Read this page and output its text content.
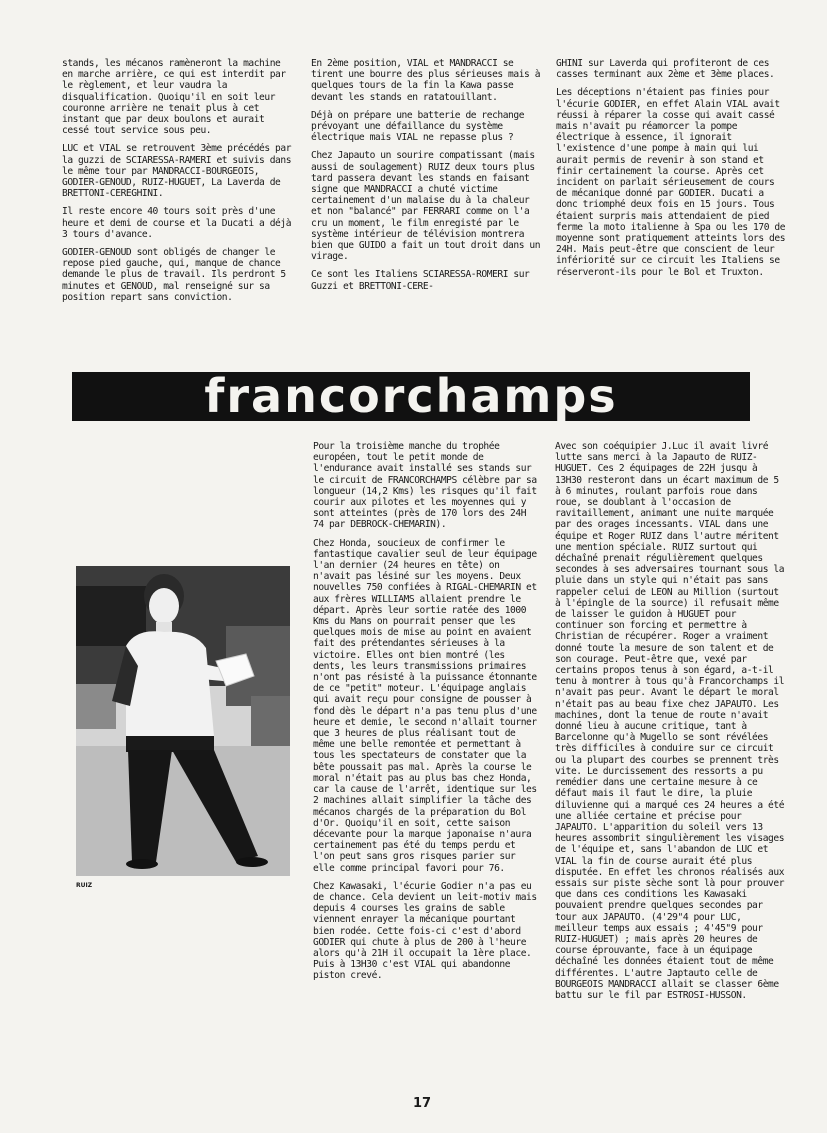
stands, les mécanos ramèneront la machine en marche arrière, ce qui est interdit par le règlement, et leur vaudra la disqualification. Quoiqu'il en soit leur couronne arrière ne tenait plus à cet instant que par deux boulons et aurait cessé tout service sous peu.

LUC et VIAL se retrouvent 3ème précédés par la guzzi de SCIARESSA-RAMERI et suivis dans le même tour par MANDRACCI-BOURGEOIS, GODIER-GENOUD, RUIZ-HUGUET, La Laverda de BRETTONI-CEREGHINI.

Il reste encore 40 tours soit près d'une heure et demi de course et la Ducati a déjà 3 tours d'avance.

GODIER-GENOUD sont obligés de changer le repose pied gauche, qui, manque de chance demande le plus de travail. Ils perdront 5 minutes et GENOUD, mal renseigné sur sa position repart sans conviction.

En 2ème position, VIAL et MANDRACCI se tirent une bourre des plus sérieuses mais à quelques tours de la fin la Kawa passe devant les stands en ratatouillant.

Déjà on prépare une batterie de rechange prévoyant une défaillance du système électrique mais VIAL ne repasse plus ?

Chez Japauto un sourire compatissant (mais aussi de soulagement) RUIZ deux tours plus tard passera devant les stands en faisant signe que MANDRACCI a chuté victime certainement d'un malaise du à la chaleur et non "balancé" par FERRARI comme on l'a cru un moment, le film enregisté par le système intérieur de télévision montrera bien que GUIDO a fait un tout droit dans un virage.

Ce sont les Italiens SCIARESSA-ROMERI sur Guzzi et BRETTONI-CERE-

GHINI sur Laverda qui profiteront de ces casses terminant aux 2ème et 3ème places.

Les déceptions n'étaient pas finies pour l'écurie GODIER, en effet Alain VIAL avait réussi à réparer la cosse qui avait cassé mais n'avait pu réamorcer la pompe électrique à essence, il ignorait l'existence d'une pompe à main qui lui aurait permis de revenir à son stand et finir certainement la course. Après cet incident on parlait sérieusement de cours de mécanique donné par GODIER. Ducati a donc triomphé deux fois en 15 jours. Tous étaient surpris mais attendaient de pied ferme la moto italienne à Spa ou les 170 de moyenne sont pratiquement atteints lors des 24H. Mais peut-être que conscient de leur infériorité sur ce circuit les Italiens se réserveront-ils pour le Bol et Truxton.

francorchamps
RUIZ

Pour la troisième manche du trophée européen, tout le petit monde de l'endurance avait installé ses stands sur le circuit de FRANCORCHAMPS célèbre par sa longueur (14,2 Kms) les risques qu'il fait courir aux pilotes et les moyennes qui y sont atteintes (près de 170 lors des 24H 74 par DEBROCK-CHEMARIN).

Chez Honda, soucieux de confirmer le fantastique cavalier seul de leur équipage l'an dernier (24 heures en tête) on n'avait pas lésiné sur les moyens. Deux nouvelles 750 confiées à RIGAL-CHEMARIN et aux frères WILLIAMS allaient prendre le départ. Après leur sortie ratée des 1000 Kms du Mans on pourrait penser que les quelques mois de mise au point en avaient fait des prétendantes sérieuses à la victoire. Elles ont bien montré (les dents, les leurs transmissions primaires n'ont pas résisté à la puissance étonnante de ce "petit" moteur. L'équipage anglais qui avait reçu pour consigne de pousser à fond dès le départ n'a pas tenu plus d'une heure et demie, le second n'allait tourner que 3 heures de plus réalisant tout de même une belle remontée et permettant à tous les spectateurs de constater que la bête poussait pas mal. Après la course le moral n'était pas au plus bas chez Honda, car la cause de l'arrêt, identique sur les 2 machines allait simplifier la tâche des mécanos chargés de la préparation du Bol d'Or. Quoiqu'il en soit, cette saison décevante pour la marque japonaise n'aura certainement pas été du temps perdu et l'on peut sans gros risques parier sur elle comme principal favori pour 76.

Chez Kawasaki, l'écurie Godier n'a pas eu de chance. Cela devient un leit-motiv mais depuis 4 courses les grains de sable viennent enrayer la mécanique pourtant bien rodée. Cette fois-ci c'est d'abord GODIER qui chute à plus de 200 à l'heure alors qu'à 21H il occupait la 1ère place. Puis à 13H30 c'est VIAL qui abandonne piston crevé.

Avec son coéquipier J.Luc il avait livré lutte sans merci à la Japauto de RUIZ-HUGUET. Ces 2 équipages de 22H jusqu à 13H30 resteront dans un écart maximum de 5 à 6 minutes, roulant parfois roue dans roue, se doublant à l'occasion de ravitaillement, animant une nuite marquée par des orages incessants. VIAL dans une équipe et Roger RUIZ dans l'autre méritent une mention spéciale. RUIZ surtout qui déchaîné prenait régulièrement quelques secondes à ses adversaires tournant sous la pluie dans un style qui n'était pas sans rappeler celui de LEON au Million (surtout à l'épingle de la source) il refusait même de laisser le guidon à HUGUET pour continuer son forcing et permettre à Christian de récupérer. Roger a vraiment donné toute la mesure de son talent et de son courage. Peut-être que, vexé par certains propos tenus à son égard, a-t-il tenu à montrer à tous qu'à Francorchamps il n'avait pas peur. Avant le départ le moral n'était pas au beau fixe chez JAPAUTO. Les machines, dont la tenue de route n'avait donné lieu à aucune critique, tant à Barcelonne qu'à Mugello se sont révélées très difficiles à conduire sur ce circuit ou la plupart des courbes se prennent très vite. Le durcissement des ressorts a pu remédier dans une certaine mesure à ce défaut mais il faut le dire, la pluie diluvienne qui a marqué ces 24 heures a été une alliée certaine et précise pour JAPAUTO. L'apparition du soleil vers 13 heures assombrit singulièrement les visages de l'équipe et, sans l'abandon de LUC et VIAL la fin de course aurait été plus disputée. En effet les chronos réalisés aux essais sur piste sèche sont là pour prouver que dans ces conditions les Kawasaki pouvaient prendre quelques secondes par tour aux JAPAUTO. (4'29"4 pour LUC, meilleur temps aux essais ; 4'45"9 pour RUIZ-HUGUET) ; mais après 20 heures de course éprouvante, face à un équipage déchaîné les données étaient tout de même différentes. L'autre Japtauto celle de BOURGEOIS MANDRACCI allait se classer 6ème battu sur le fil par ESTROSI-HUSSON.

17
